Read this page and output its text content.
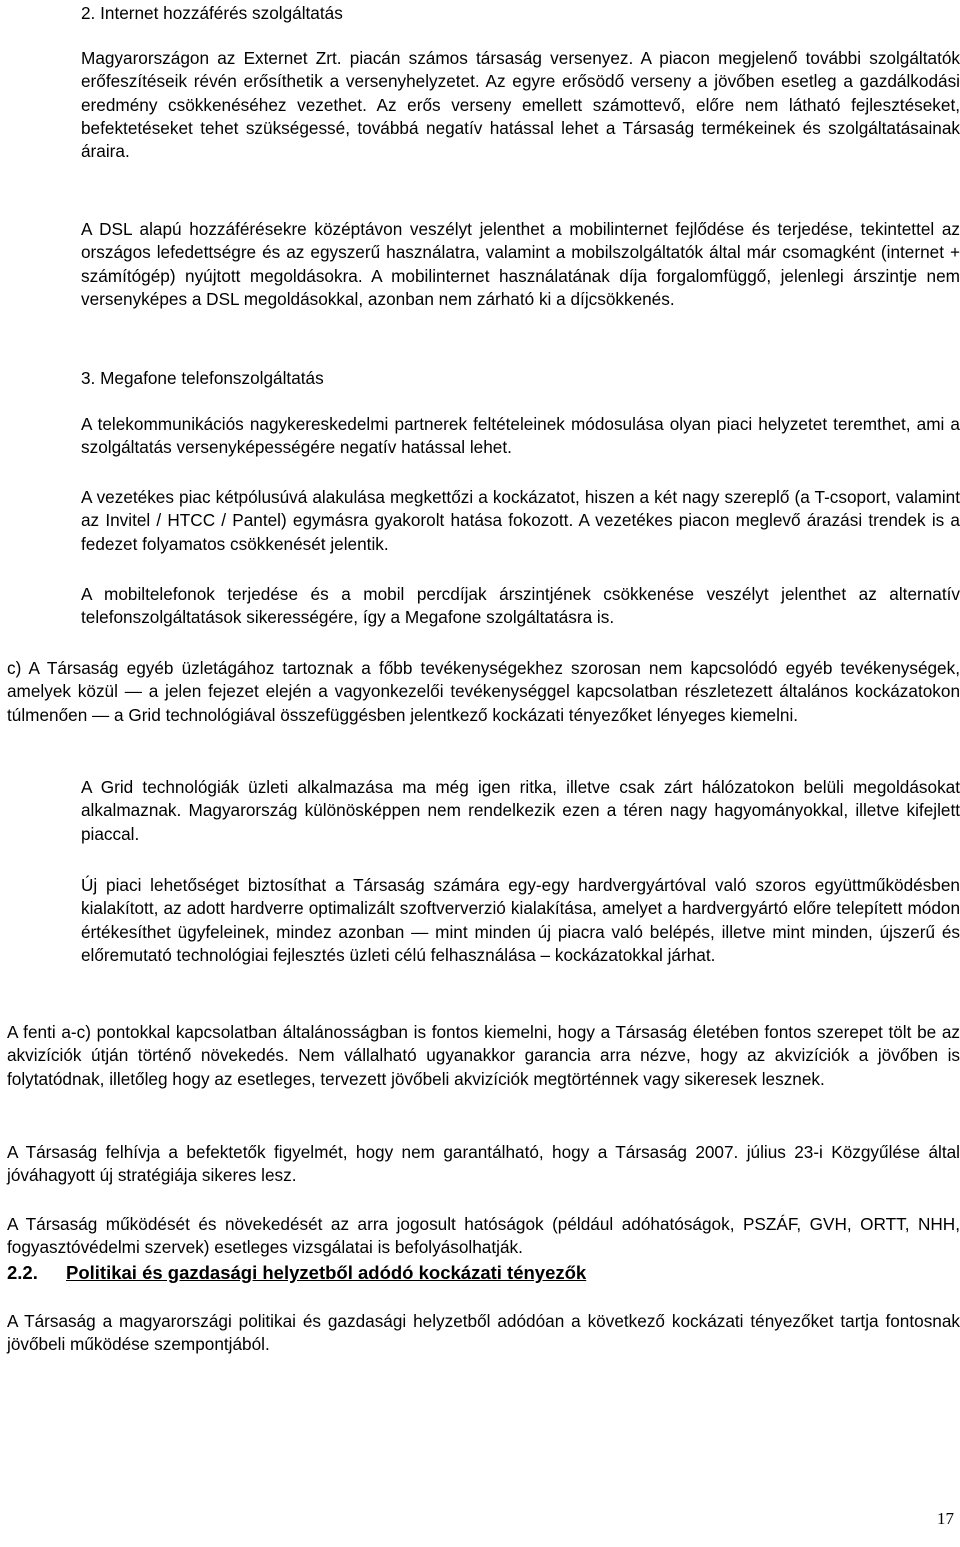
2. Internet hozzáférés szolgáltatás

Magyarországon az Externet Zrt. piacán számos társaság versenyez. A piacon megjelenő további szolgáltatók erőfeszítéseik révén erősíthetik a versenyhelyzetet. Az egyre erősödő verseny a jövőben esetleg a gazdálkodási eredmény csökkenéséhez vezethet. Az erős verseny emellett számottevő, előre nem látható fejlesztéseket, befektetéseket tehet szükségessé, továbbá negatív hatással lehet a Társaság termékeinek és szolgáltatásainak áraira.

A DSL alapú hozzáférésekre középtávon veszélyt jelenthet a mobilinternet fejlődése és terjedése, tekintettel az országos lefedettségre és az egyszerű használatra, valamint a mobilszolgáltatók által már csomagként (internet + számítógép) nyújtott megoldásokra. A mobilinternet használatának díja forgalomfüggő, jelenlegi árszintje nem versenyképes a DSL megoldásokkal, azonban nem zárható ki a díjcsökkenés.

3. Megafone telefonszolgáltatás

A telekommunikációs nagykereskedelmi partnerek feltételeinek módosulása olyan piaci helyzetet teremthet, ami a szolgáltatás versenyképességére negatív hatással lehet.

A vezetékes piac kétpólusúvá alakulása megkettőzi a kockázatot, hiszen a két nagy szereplő (a T-csoport, valamint az Invitel / HTCC / Pantel) egymásra gyakorolt hatása fokozott. A vezetékes piacon meglevő árazási trendek is a fedezet folyamatos csökkenését jelentik.

A mobiltelefonok terjedése és a mobil percdíjak árszintjének csökkenése veszélyt jelenthet az alternatív telefonszolgáltatások sikerességére, így a Megafone szolgáltatásra is.

c) A Társaság egyéb üzletágához tartoznak a főbb tevékenységekhez szorosan nem kapcsolódó egyéb tevékenységek, amelyek közül — a jelen fejezet elején a vagyonkezelői tevékenységgel kapcsolatban részletezett általános kockázatokon túlmenően — a Grid technológiával összefüggésben jelentkező kockázati tényezőket lényeges kiemelni.

A Grid technológiák üzleti alkalmazása ma még igen ritka, illetve csak zárt hálózatokon belüli megoldásokat alkalmaznak. Magyarország különösképpen nem rendelkezik ezen a téren nagy hagyományokkal, illetve kifejlett piaccal.

Új piaci lehetőséget biztosíthat a Társaság számára egy-egy hardvergyártóval való szoros együttműködésben kialakított, az adott hardverre optimalizált szoftververzió kialakítása, amelyet a hardvergyártó előre telepített módon értékesíthet ügyfeleinek, mindez azonban — mint minden új piacra való belépés, illetve mint minden, újszerű és előremutató technológiai fejlesztés üzleti célú felhasználása – kockázatokkal járhat.

A fenti a-c) pontokkal kapcsolatban általánosságban is fontos kiemelni, hogy a Társaság életében fontos szerepet tölt be az akvizíciók útján történő növekedés. Nem vállalható ugyanakkor garancia arra nézve, hogy az akvizíciók a jövőben is folytatódnak, illetőleg hogy az esetleges, tervezett jövőbeli akvizíciók megtörténnek vagy sikeresek lesznek.

A Társaság felhívja a befektetők figyelmét, hogy nem garantálható, hogy a Társaság 2007. július 23-i Közgyűlése által jóváhagyott új stratégiája sikeres lesz.

A Társaság működését és növekedését az arra jogosult hatóságok (például adóhatóságok, PSZÁF, GVH, ORTT, NHH, fogyasztóvédelmi szervek) esetleges vizsgálatai is befolyásolhatják.

2.2. Politikai és gazdasági helyzetből adódó kockázati tényezők

A Társaság a magyarországi politikai és gazdasági helyzetből adódóan a következő kockázati tényezőket tartja fontosnak jövőbeli működése szempontjából.

17
